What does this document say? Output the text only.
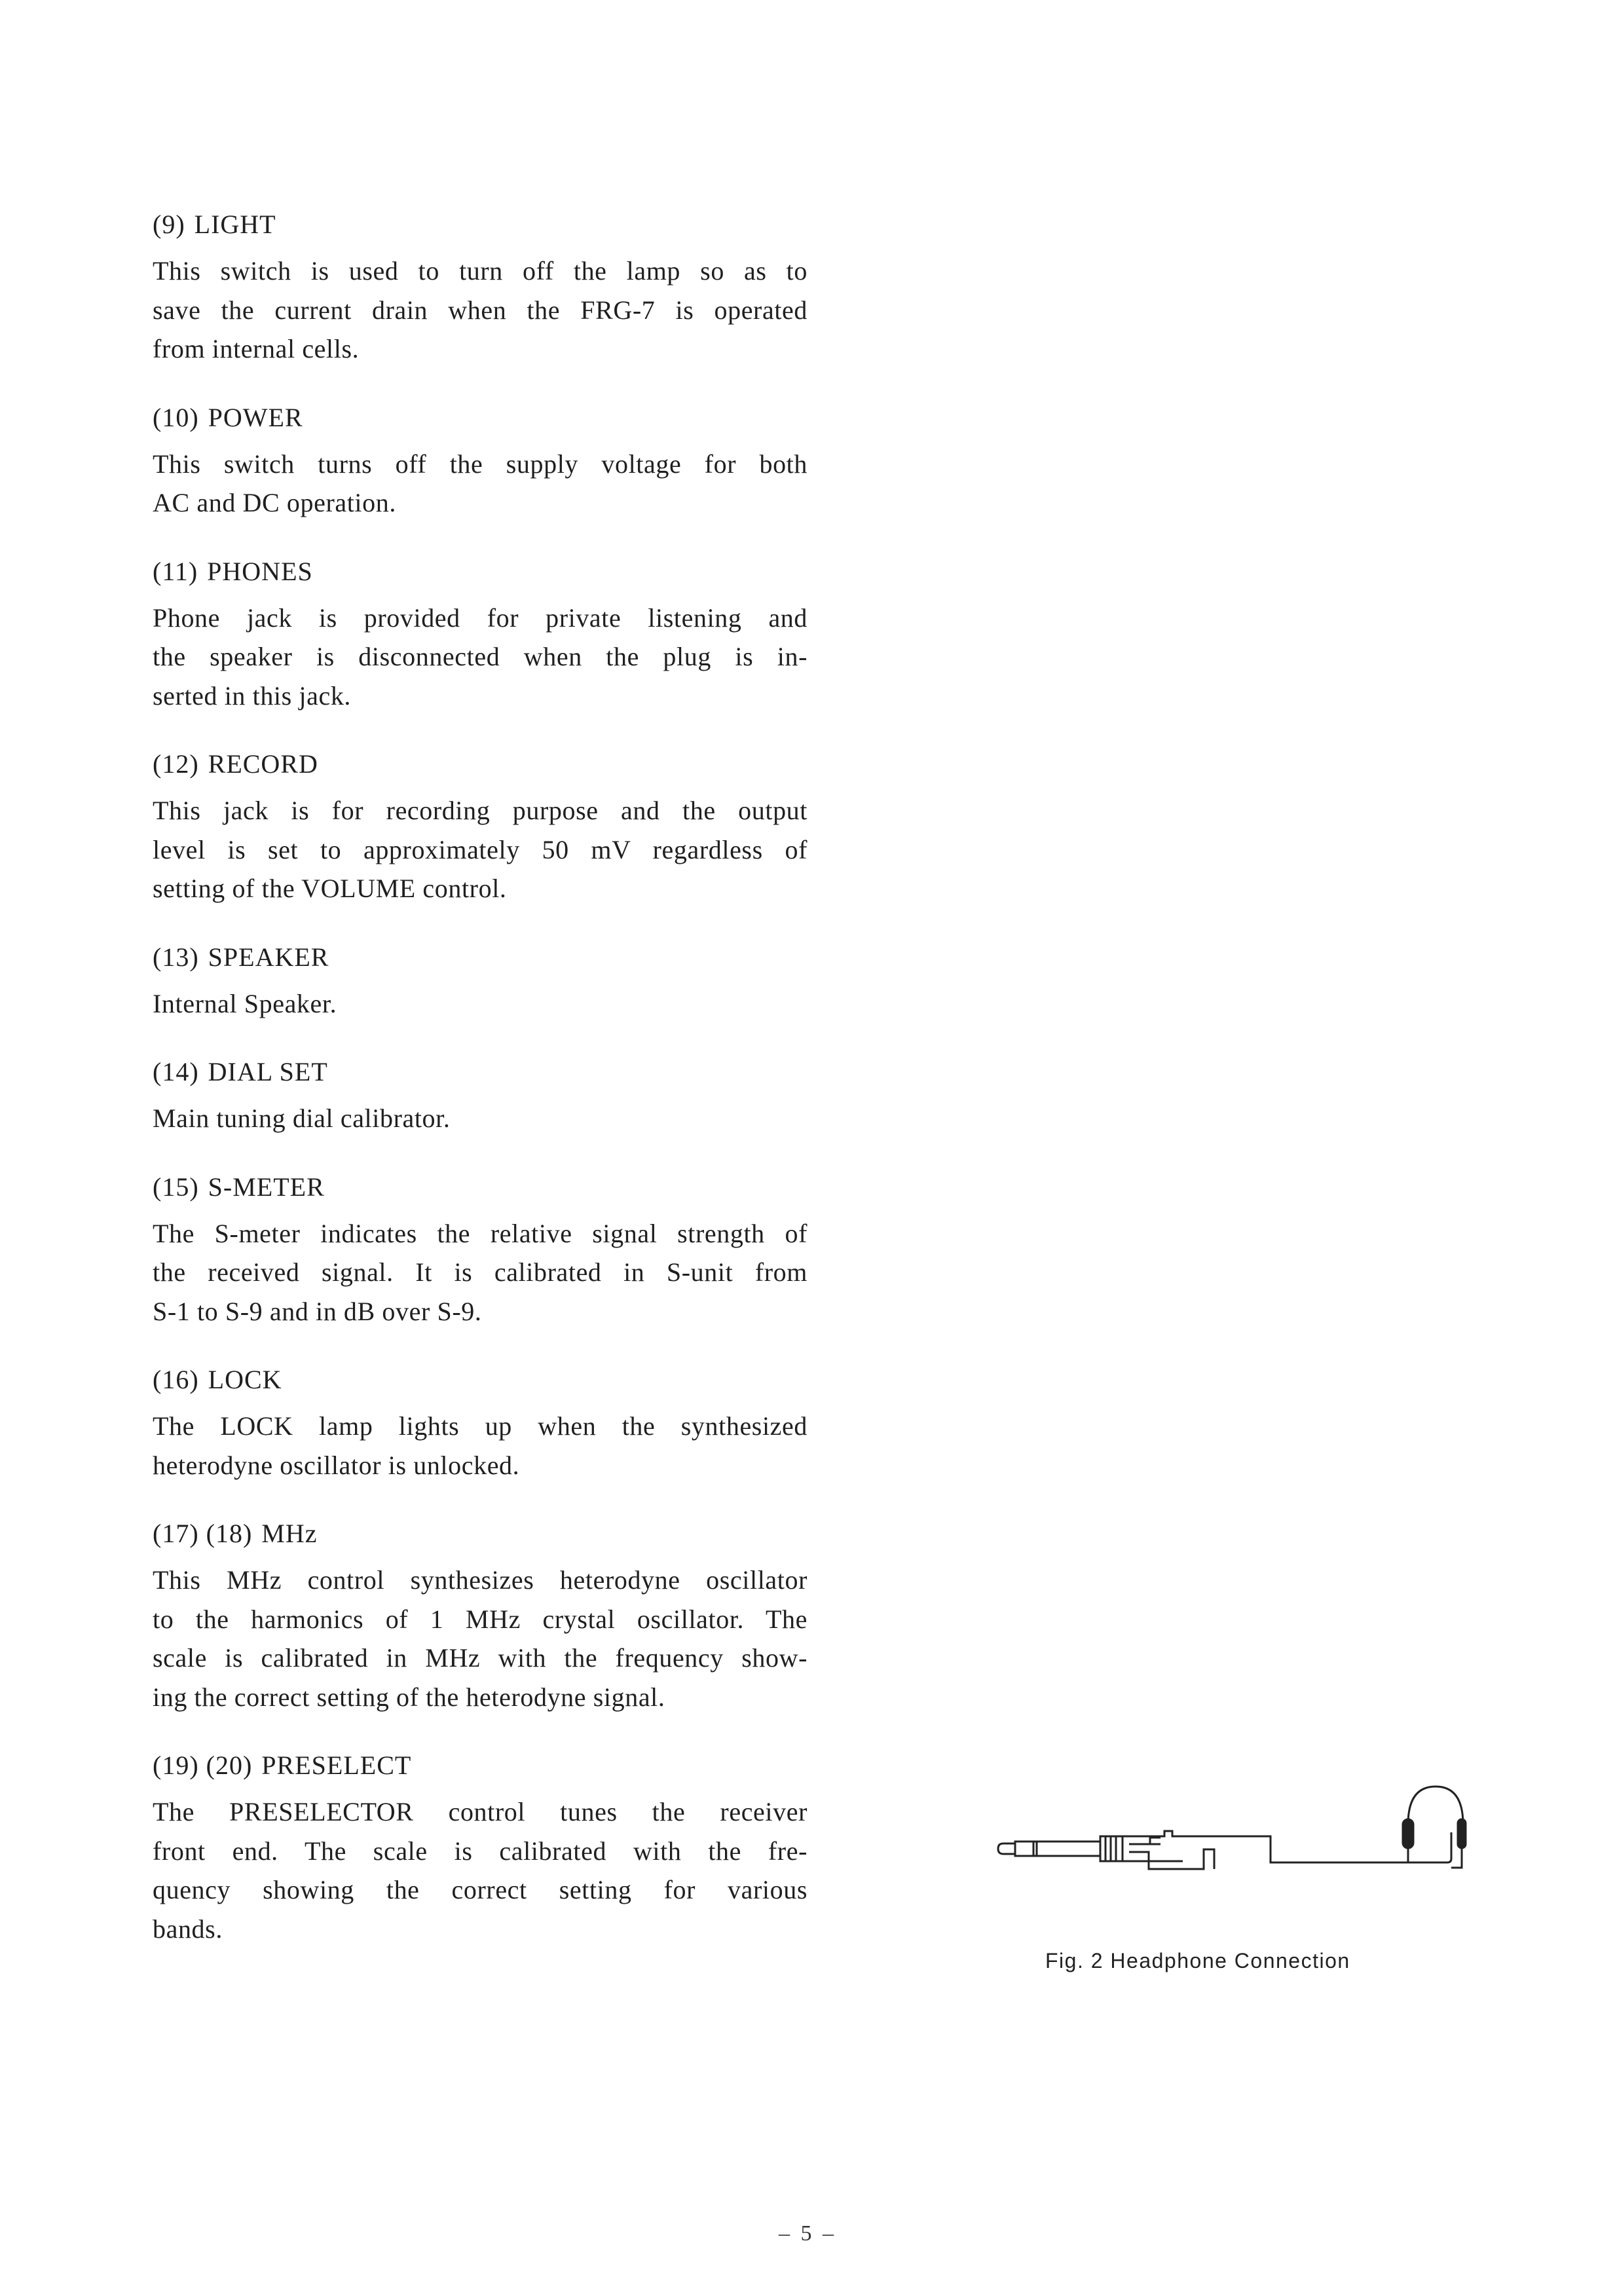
(9) LIGHT
This switch is used to turn off the lamp so as to
save the current drain when the FRG-7 is operated
from internal cells.
(10) POWER
This switch turns off the supply voltage for both
AC and DC operation.
(11) PHONES
Phone jack is provided for private listening and
the speaker is disconnected when the plug is in-
serted in this jack.
(12) RECORD
This jack is for recording purpose and the output
level is set to approximately 50 mV regardless of
setting of the VOLUME control.
(13) SPEAKER
Internal Speaker.
(14) DIAL SET
Main tuning dial calibrator.
(15) S-METER
The S-meter indicates the relative signal strength of
the received signal. It is calibrated in S-unit from
S-1 to S-9 and in dB over S-9.
(16) LOCK
The LOCK lamp lights up when the synthesized
heterodyne oscillator is unlocked.
(17) (18) MHz
This MHz control synthesizes heterodyne oscillator
to the harmonics of 1 MHz crystal oscillator. The
scale is calibrated in MHz with the frequency show-
ing the correct setting of the heterodyne signal.
(19) (20) PRESELECT
The PRESELECTOR control tunes the receiver
front end. The scale is calibrated with the fre-
quency showing the correct setting for various
bands.
Fig. 2 Headphone Connection
– 5 –
